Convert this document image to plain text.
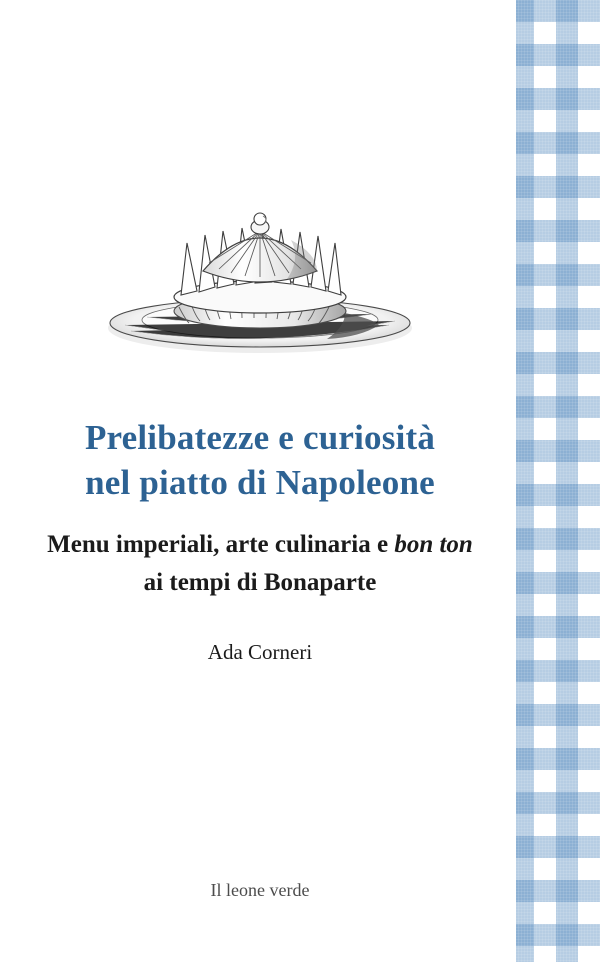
Prelibatezze e curiosità
nel piatto di Napoleone
Menu imperiali, arte culinaria e bon ton
ai tempi di Bonaparte
Ada Corneri
Il leone verde
